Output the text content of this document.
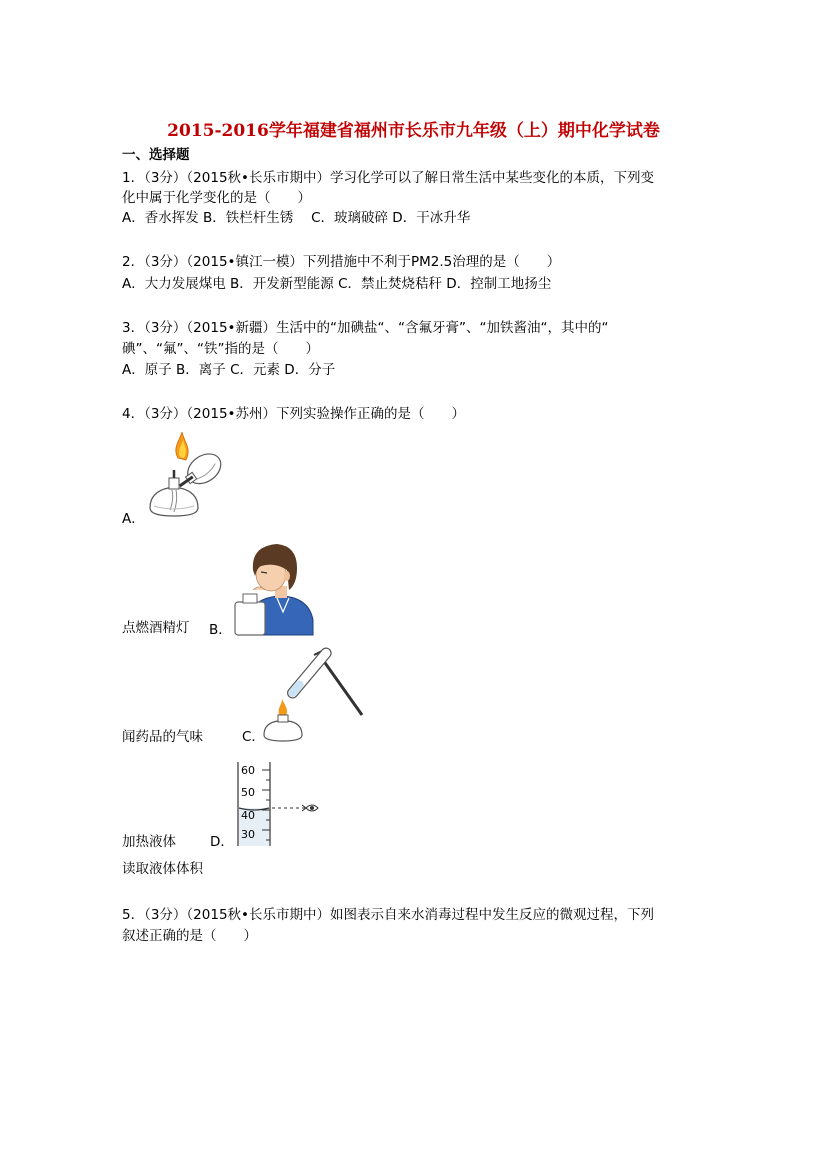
2015-2016学年福建省福州市长乐市九年级（上）期中化学试卷
一、选择题
1．（3分）（2015秋•长乐市期中）学习化学可以了解日常生活中某些变化的本质，下列变
化中属于化学变化的是（　　）
A．香水挥发 B．铁栏杆生锈　 C．玻璃破碎 D．干冰升华
2．（3分）（2015•镇江一模）下列措施中不利于PM2.5治理的是（　　）
A．大力发展煤电 B．开发新型能源 C．禁止焚烧秸秆 D．控制工地扬尘
3．（3分）（2015•新疆）生活中的“加碘盐“、“含氟牙膏”、“加铁酱油“，其中的“
碘”、“氟”、“铁”指的是（　　）
A．原子 B．离子 C．元素 D．分子
4．（3分）（2015•苏州）下列实验操作正确的是（　　）
A．
点燃酒精灯 B．
闻药品的气味	C．
60
50
40
30
加热液体	D．
读取液体体积
5．（3分）（2015秋•长乐市期中）如图表示自来水消毒过程中发生反应的微观过程，下列
叙述正确的是（　　）
